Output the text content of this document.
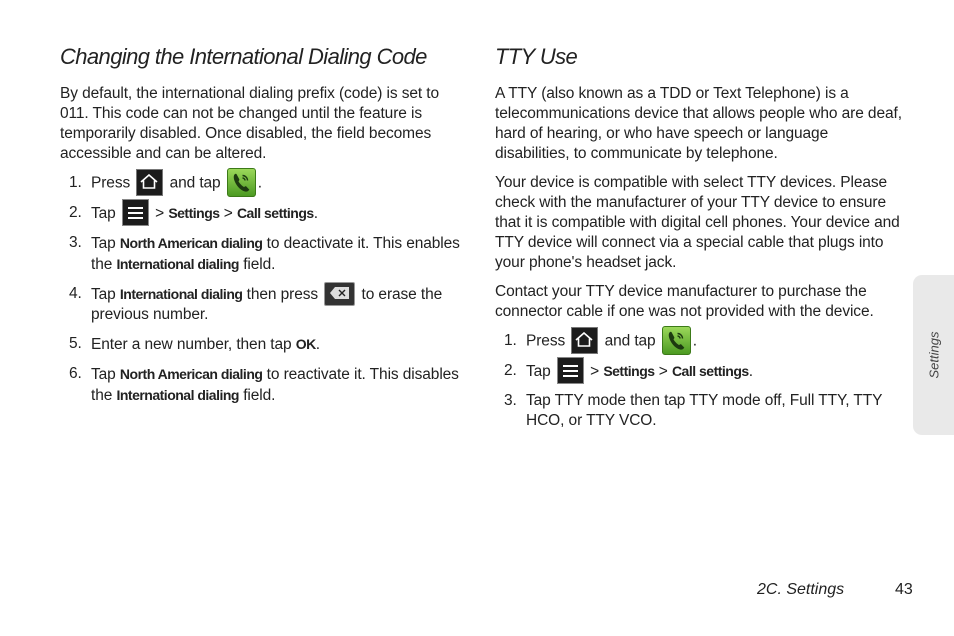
Changing the International Dialing Code

By default, the international dialing prefix (code) is set to 011. This code can not be changed until the feature is temporarily disabled. Once disabled, the field becomes accessible and can be altered.

1. Press	and tap .
2. Tap	> Settings > Call settings.
3. Tap North American dialing to deactivate it. This enables the International dialing field.
4. Tap International dialing then press	to erase the previous number.
5. Enter a new number, then tap OK.
6. Tap North American dialing to reactivate it. This disables the International dialing field.
TTY Use

A TTY (also known as a TDD or Text Telephone) is a telecommunications device that allows people who are deaf, hard of hearing, or who have speech or language disabilities, to communicate by telephone.

Your device is compatible with select TTY devices. Please check with the manufacturer of your TTY device to ensure that it is compatible with digital cell phones. Your device and TTY device will connect via a special cable that plugs into your phone's headset jack.

Contact your TTY device manufacturer to purchase the connector cable if one was not provided with the device.

1. Press	and tap .
2. Tap	> Settings > Call settings.
3. Tap TTY mode then tap TTY mode off, Full TTY, TTY HCO, or TTY VCO.
Settings
2C. Settings	43
